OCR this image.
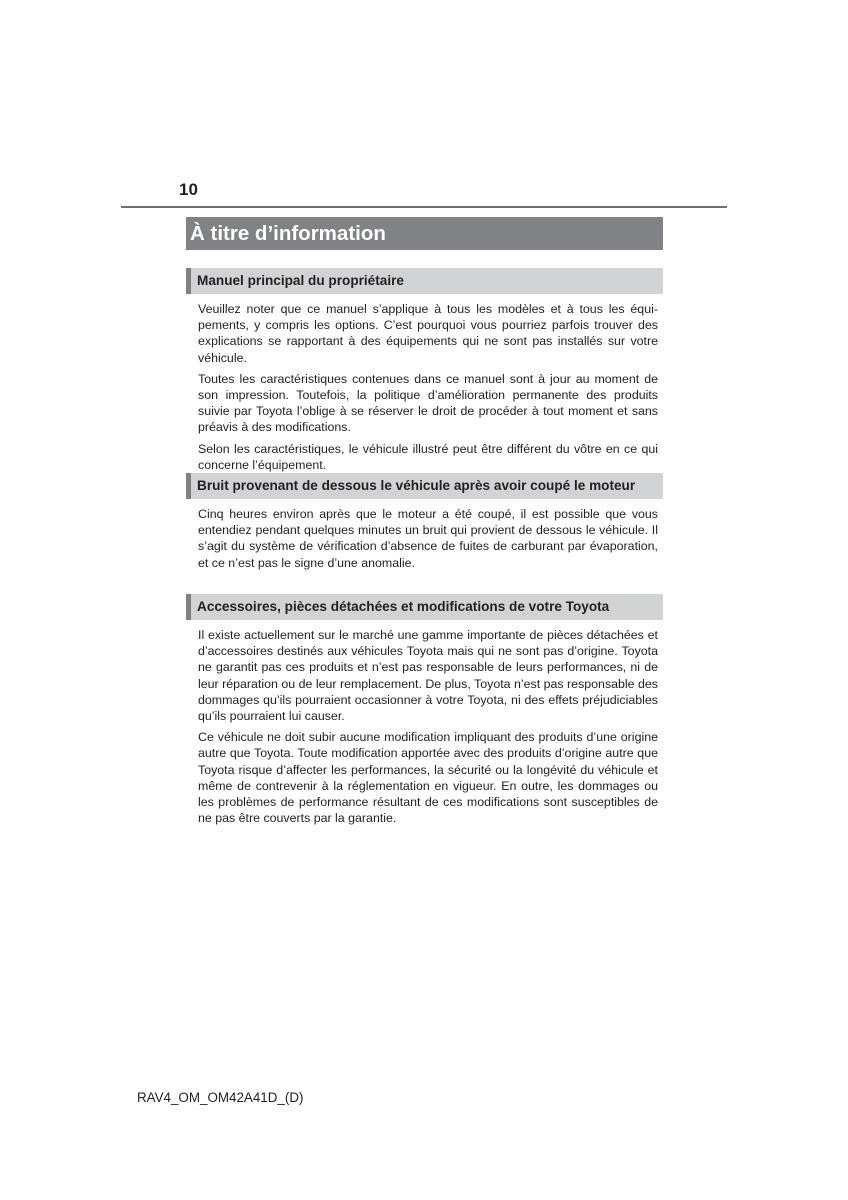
10
À titre d’information
Manuel principal du propriétaire

Veuillez noter que ce manuel s’applique à tous les modèles et à tous les équipements, y compris les options. C’est pourquoi vous pourriez parfois trouver des explications se rapportant à des équipements qui ne sont pas installés sur votre véhicule.

Toutes les caractéristiques contenues dans ce manuel sont à jour au moment de son impression. Toutefois, la politique d’amélioration permanente des produits suivie par Toyota l’oblige à se réserver le droit de procéder à tout moment et sans préavis à des modifications.

Selon les caractéristiques, le véhicule illustré peut être différent du vôtre en ce qui concerne l’équipement.

Bruit provenant de dessous le véhicule après avoir coupé le moteur

Cinq heures environ après que le moteur a été coupé, il est possible que vous entendiez pendant quelques minutes un bruit qui provient de dessous le véhicule. Il s’agit du système de vérification d’absence de fuites de carburant par évaporation, et ce n’est pas le signe d’une anomalie.

Accessoires, pièces détachées et modifications de votre Toyota

Il existe actuellement sur le marché une gamme importante de pièces détachées et d’accessoires destinés aux véhicules Toyota mais qui ne sont pas d’origine. Toyota ne garantit pas ces produits et n’est pas responsable de leurs performances, ni de leur réparation ou de leur remplacement. De plus, Toyota n’est pas responsable des dommages qu’ils pourraient occasionner à votre Toyota, ni des effets préjudiciables qu’ils pourraient lui causer.

Ce véhicule ne doit subir aucune modification impliquant des produits d’une origine autre que Toyota. Toute modification apportée avec des produits d’origine autre que Toyota risque d’affecter les performances, la sécurité ou la longévité du véhicule et même de contrevenir à la réglementation en vigueur. En outre, les dommages ou les problèmes de performance résultant de ces modifications sont susceptibles de ne pas être couverts par la garantie.

RAV4_OM_OM42A41D_(D)
